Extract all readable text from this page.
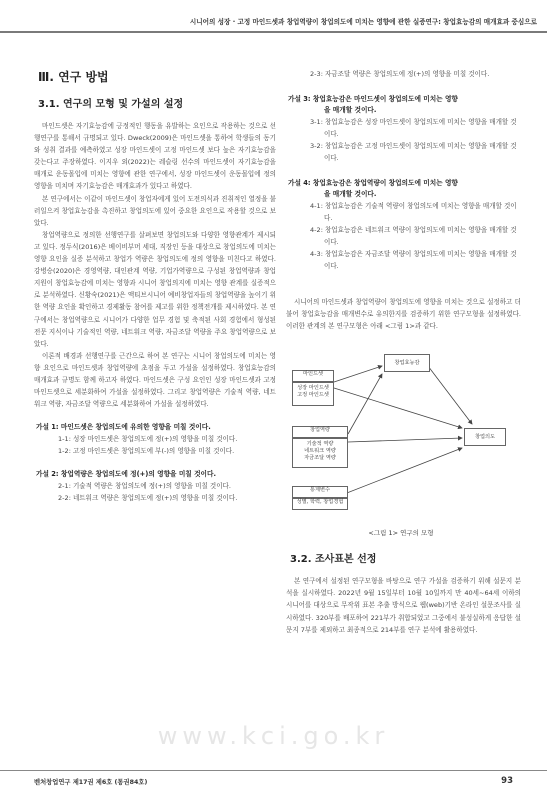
시니어의 성장 · 고정 마인드셋과 창업역량이 창업의도에 미치는 영향에 관한 실증연구: 창업효능감의 매개효과 중심으로
www.kci.go.kr
Ⅲ. 연구 방법
3.1. 연구의 모형 및 가설의 설정

마인드셋은 자기효능감에 긍정적인 행동을 유발하는 요인으로 작용하는 것으로 선행연구를 통해서 규명되고 있다. Dweck(2009)은 마인드셋을 통하여 학생들의 동기와 성취 결과를 예측하였고 성장 마인드셋이 고정 마인드셋 보다 높은 자기효능감을 갖는다고 주장하였다. 이지우 외(2022)는 레슬링 선수의 마인드셋이 자기효능감을 매개로 운동몰입에 미치는 영향에 관한 연구에서, 성장 마인드셋이 운동몰입에 정의 영향을 미치며 자기효능감은 매개효과가 있다고 하였다.

본 연구에서는 이같이 마인드셋이 창업자에게 있어 도전의식과 진취적인 열정을 불러일으켜 창업효능감을 촉진하고 창업의도에 있어 중요한 요인으로 작용할 것으로 보았다.

창업역량으로 정의한 선행연구를 살펴보면 창업의도와 다양한 영향관계가 제시되고 있다. 정두식(2016)은 베이비부머 세대, 직장인 등을 대상으로 창업의도에 미치는 영향 요인을 실증 분석하고 창업가 역량은 창업의도에 정의 영향을 미친다고 하였다. 강병승(2020)은 경영역량, 대인관계 역량, 기업가역량으로 구성된 창업역량과 창업지원이 창업효능감에 미치는 영향과 시니어 창업의지에 미치는 영향 관계를 실증적으로 분석하였다. 신황숙(2021)은 액티브시니어 예비창업자들의 창업역량을 높이기 위한 역량 요인을 확인하고 경제활동 참여를 제고를 위한 정책전개를 제시하였다. 본 연구에서는 창업역량으로 시니어가 다양한 업무 경험 및 축적된 사회 경험에서 형성된 전문 지식이나 기술적인 역량, 네트워크 역량, 자금조달 역량을 주요 창업역량으로 보았다.

이론적 배경과 선행연구를 근간으로 하여 본 연구는 시니어 창업의도에 미치는 영향 요인으로 마인드셋과 창업역량에 초점을 두고 가설을 설정하였다. 창업효능감의 매개효과 규명도 함께 하고자 하였다. 마인드셋은 구성 요인인 성장 마인드셋과 고정 마인드셋으로 세분화하여 가설을 설정하였다. 그리고 창업역량은 기술적 역량, 네트워크 역량, 자금조달 역량으로 세분화하여 가설을 설정하였다.

가설 1: 마인드셋은 창업의도에 유의한 영향을 미칠 것이다.

1-1: 성장 마인드셋은 창업의도에 정(+)의 영향을 미칠 것이다.

1-2: 고정 마인드셋은 창업의도에 부(-)의 영향을 미칠 것이다.

가설 2: 창업역량은 창업의도에 정(+)의 영향을 미칠 것이다.

2-1: 기술적 역량은 창업의도에 정(+)의 영향을 미칠 것이다.

2-2: 네트워크 역량은 창업의도에 정(+)의 영향을 미칠 것이다.

2-3: 자금조달 역량은 창업의도에 정(+)의 영향을 미칠 것이다.

가설 3: 창업효능감은 마인드셋이 창업의도에 미치는 영향
을 매개할 것이다.

3-1: 창업효능감은 성장 마인드셋이 창업의도에 미치는 영향을 매개할 것이다.

3-2: 창업효능감은 고정 마인드셋이 창업의도에 미치는 영향을 매개할 것이다.

가설 4: 창업효능감은 창업역량이 창업의도에 미치는 영향
을 매개할 것이다.

4-1: 창업효능감은 기술적 역량이 창업의도에 미치는 영향을 매개할 것이다.

4-2: 창업효능감은 네트워크 역량이 창업의도에 미치는 영향을 매개할 것이다.

4-3: 창업효능감은 자금조달 역량이 창업의도에 미치는 영향을 매개할 것이다.

시니어의 마인드셋과 창업역량이 창업의도에 영향을 미치는 것으로 설정하고 더불어 창업효능감을 매개변수로 유의한지를 검증하기 위한 연구모형을 설정하였다. 이러한 관계의 본 연구모형은 아래 <그림 1>과 같다.

마인드셋
성장 마인드셋
고정 마인드셋
창업효능감
창업역량
기술적 역량
네트워크 역량
자금조달 역량
창업의도
통제변수
성별, 학력, 창업경험
<그림 1> 연구의 모형
3.2. 조사표본 선정

본 연구에서 설정된 연구모형을 바탕으로 연구 가설을 검증하기 위해 설문지 분석을 실시하였다. 2022년 9월 15일부터 10월 10일까지 만 40세~64세 이하의 시니어를 대상으로 무작위 표본 추출 방식으로 웹(web)기반 온라인 설문조사를 실시하였다. 320부를 배포하여 221부가 취합되었고 그중에서 불성실하게 응답한 설문지 7부를 제외하고 최종적으로 214부를 연구 분석에 활용하였다.

벤처창업연구 제17권 제6호 (통권84호)	93
